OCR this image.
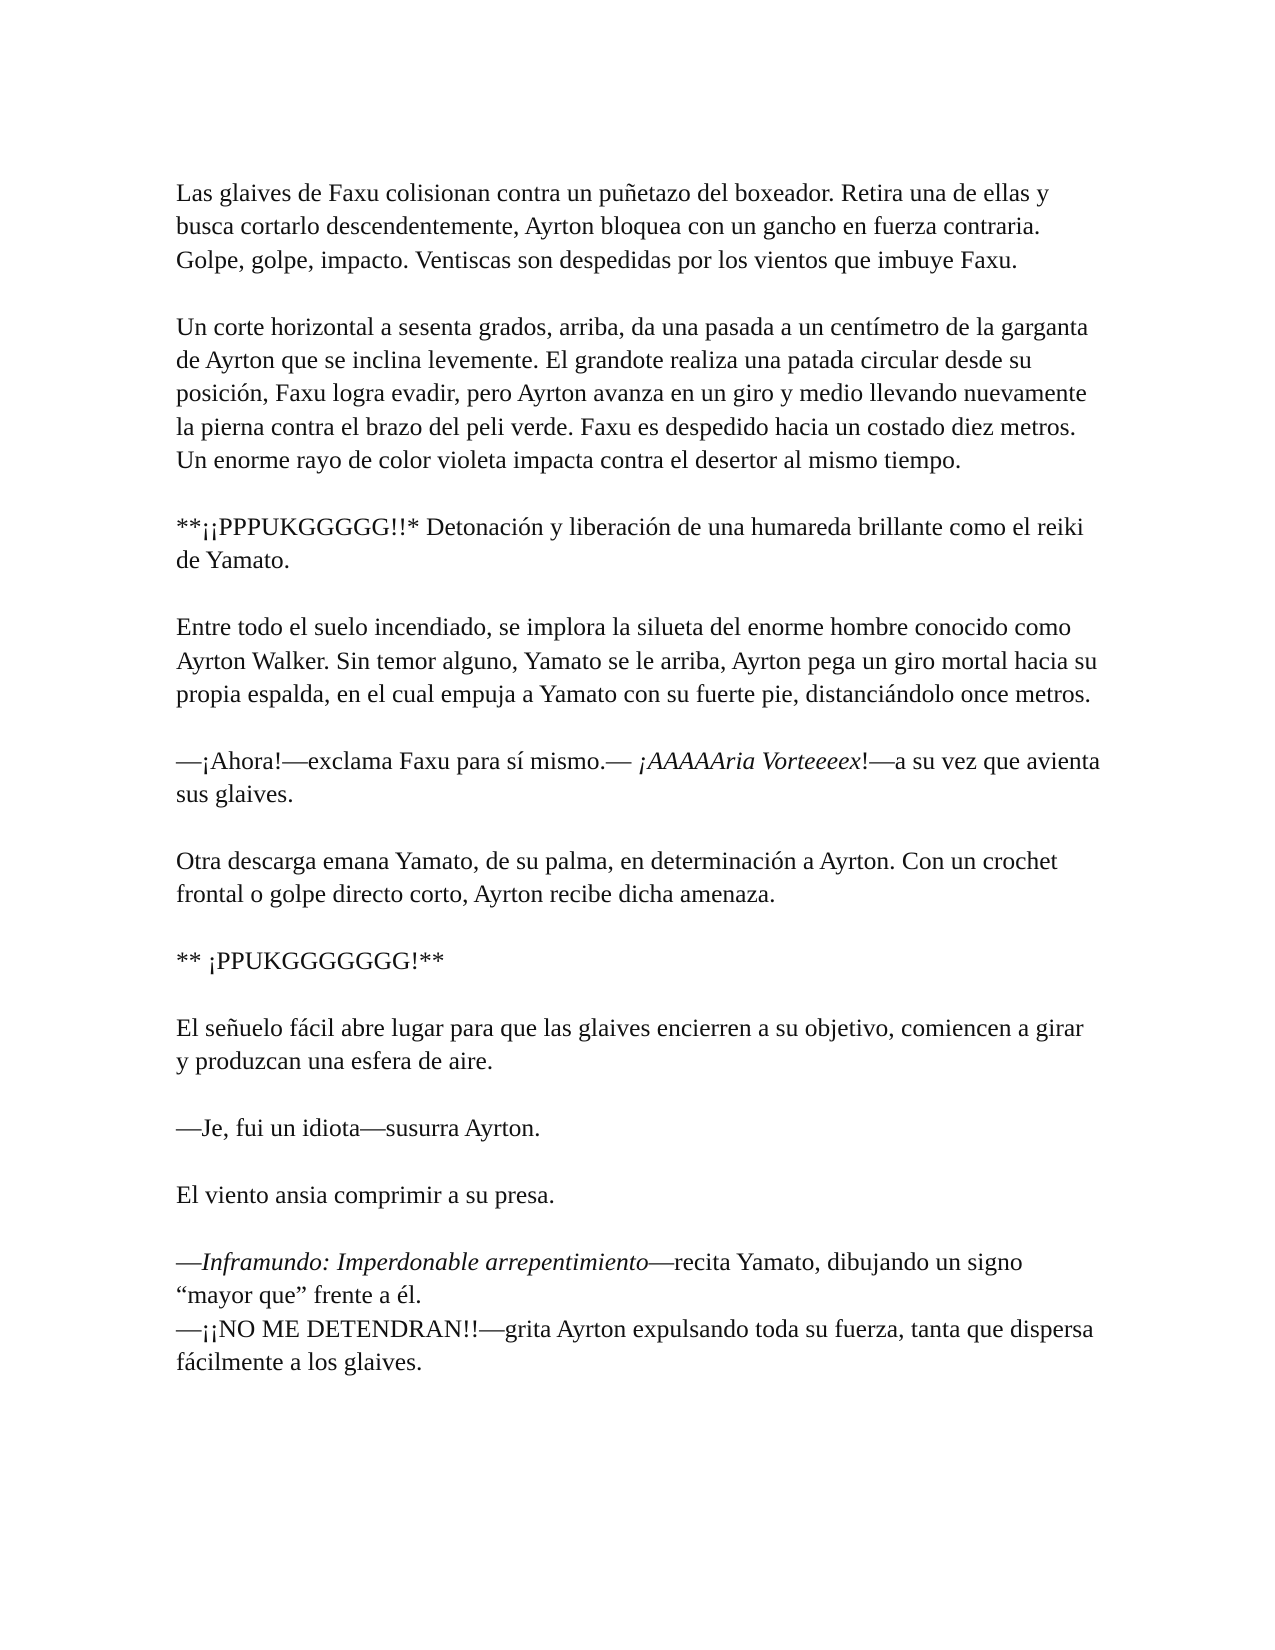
Las glaives de Faxu colisionan contra un puñetazo del boxeador. Retira una de ellas y busca cortarlo descendentemente, Ayrton bloquea con un gancho en fuerza contraria. Golpe, golpe, impacto. Ventiscas son despedidas por los vientos que imbuye Faxu.

Un corte horizontal a sesenta grados, arriba, da una pasada a un centímetro de la garganta de Ayrton que se inclina levemente. El grandote realiza una patada circular desde su posición, Faxu logra evadir, pero Ayrton avanza en un giro y medio llevando nuevamente la pierna contra el brazo del peli verde. Faxu es despedido hacia un costado diez metros. Un enorme rayo de color violeta impacta contra el desertor al mismo tiempo.

**¡¡PPPUKGGGGG!!* Detonación y liberación de una humareda brillante como el reiki de Yamato.

Entre todo el suelo incendiado, se implora la silueta del enorme hombre conocido como Ayrton Walker. Sin temor alguno, Yamato se le arriba, Ayrton pega un giro mortal hacia su propia espalda, en el cual empuja a Yamato con su fuerte pie, distanciándolo once metros.

—¡Ahora!—exclama Faxu para sí mismo.— ¡AAAAAria Vorteeeex!—a su vez que avienta sus glaives.

Otra descarga emana Yamato, de su palma, en determinación a Ayrton. Con un crochet frontal o golpe directo corto, Ayrton recibe dicha amenaza.

** ¡PPUKGGGGGGG!**

El señuelo fácil abre lugar para que las glaives encierren a su objetivo, comiencen a girar y produzcan una esfera de aire.

—Je, fui un idiota—susurra Ayrton.

El viento ansia comprimir a su presa.

—Inframundo: Imperdonable arrepentimiento—recita Yamato, dibujando un signo “mayor que” frente a él.

—¡¡NO ME DETENDRAN!!—grita Ayrton expulsando toda su fuerza, tanta que dispersa fácilmente a los glaives.
